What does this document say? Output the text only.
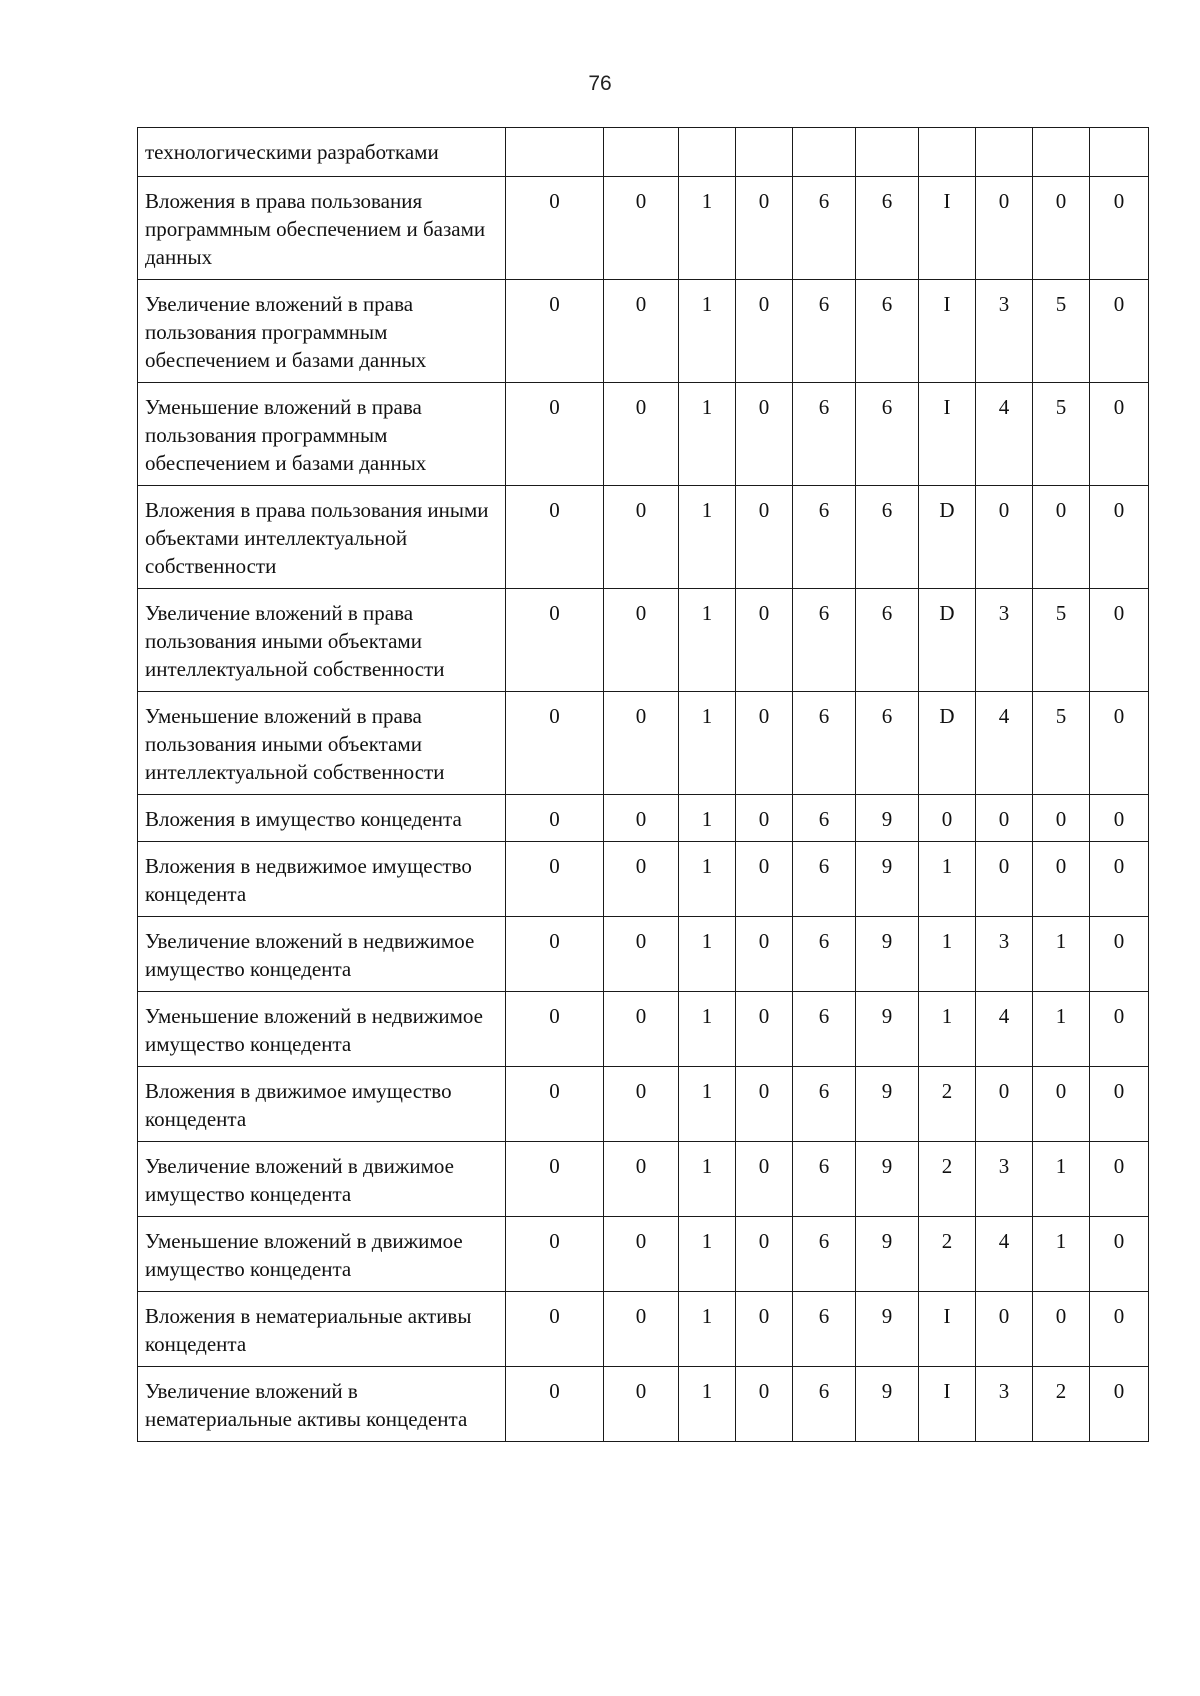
76
технологическими разработками										
Вложения в права пользования программным обеспечением и базами данных	0	0	1	0	6	6	I	0	0	0
Увеличение вложений в права пользования программным обеспечением и базами данных	0	0	1	0	6	6	I	3	5	0
Уменьшение вложений в права пользования программным обеспечением и базами данных	0	0	1	0	6	6	I	4	5	0
Вложения в права пользования иными объектами интеллектуальной собственности	0	0	1	0	6	6	D	0	0	0
Увеличение вложений в права пользования иными объектами интеллектуальной собственности	0	0	1	0	6	6	D	3	5	0
Уменьшение вложений в права пользования иными объектами интеллектуальной собственности	0	0	1	0	6	6	D	4	5	0
Вложения в имущество концедента	0	0	1	0	6	9	0	0	0	0
Вложения в недвижимое имущество концедента	0	0	1	0	6	9	1	0	0	0
Увеличение вложений в недвижимое имущество концедента	0	0	1	0	6	9	1	3	1	0
Уменьшение вложений в недвижимое имущество концедента	0	0	1	0	6	9	1	4	1	0
Вложения в движимое имущество концедента	0	0	1	0	6	9	2	0	0	0
Увеличение вложений в движимое имущество концедента	0	0	1	0	6	9	2	3	1	0
Уменьшение вложений в движимое имущество концедента	0	0	1	0	6	9	2	4	1	0
Вложения в нематериальные активы концедента	0	0	1	0	6	9	I	0	0	0
Увеличение вложений в нематериальные активы концедента	0	0	1	0	6	9	I	3	2	0
